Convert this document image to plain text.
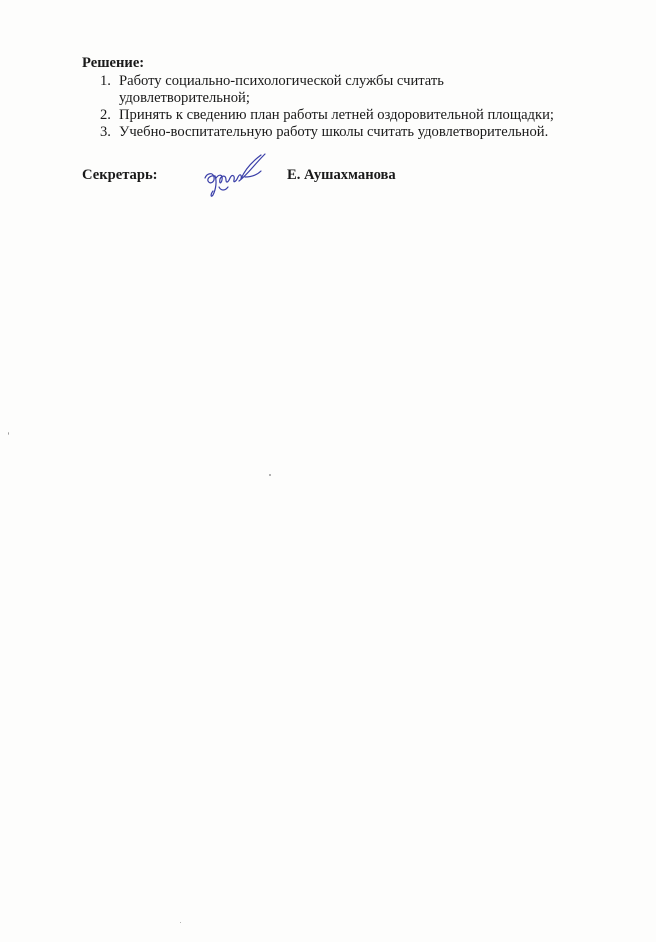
Решение:
1. Работу социально-психологической службы считать
удовлетворительной;
2. Принять к сведению план работы летней оздоровительной площадки;
3. Учебно-воспитательную работу школы считать удовлетворительной.
Секретарь:	Е. Аушахманова
